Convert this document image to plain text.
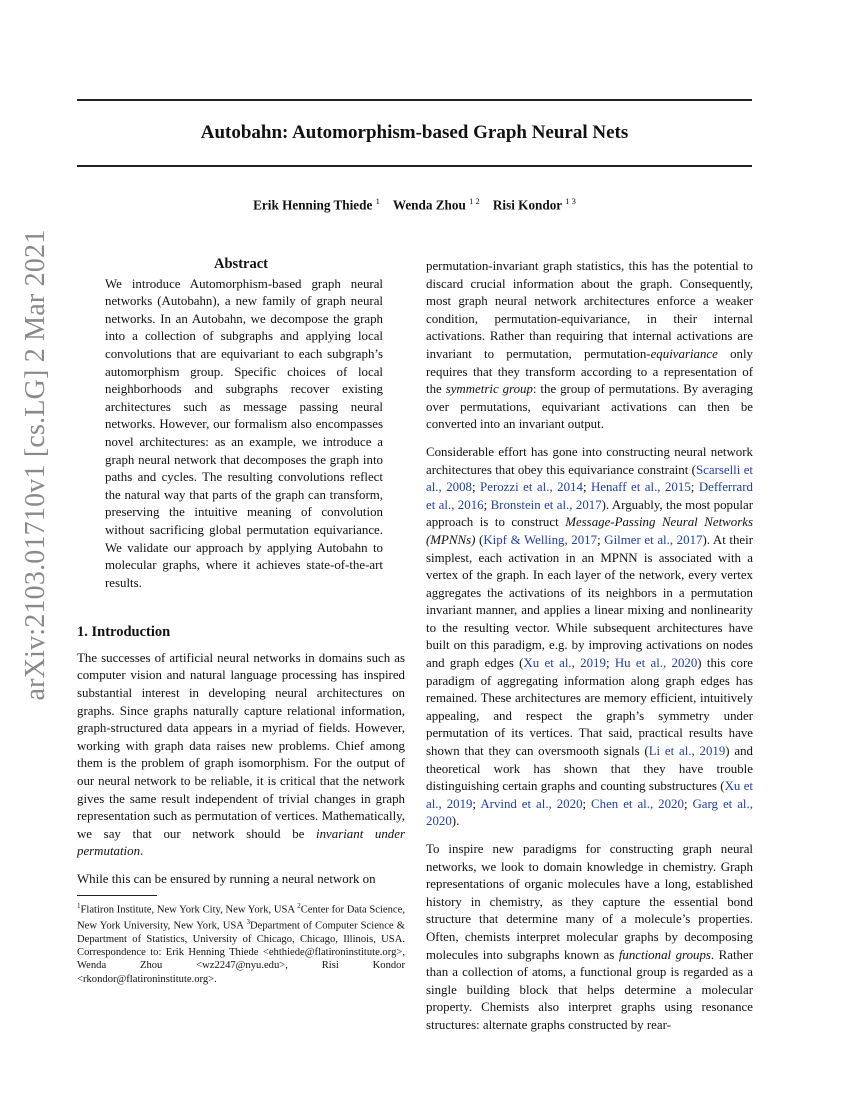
Autobahn: Automorphism-based Graph Neural Nets
Erik Henning Thiede $^1$ Wenda Zhou $^{1 2}$ Risi Kondor $^{1 3}$
arXiv:2103.01710v1 [cs.LG] 2 Mar 2021	Abstract
We introduce Automorphism-based graph neural networks (Autobahn), a new family of graph neural networks. In an Autobahn, we decompose the graph into a collection of subgraphs and applying local convolutions that are equivariant to each subgraph’s automorphism group. Specific choices of local neighborhoods and subgraphs recover existing architectures such as message passing neural networks. However, our formalism also encompasses novel architectures: as an example, we introduce a graph neural network that decomposes the graph into paths and cycles. The resulting convolutions reflect the natural way that parts of the graph can transform, preserving the intuitive meaning of convolution without sacrificing global permutation equivariance. We validate our approach by applying Autobahn to molecular graphs, where it achieves state-of-the-art results.
1. Introduction

The successes of artificial neural networks in domains such as computer vision and natural language processing has inspired substantial interest in developing neural architectures on graphs. Since graphs naturally capture relational information, graph-structured data appears in a myriad of fields. However, working with graph data raises new problems. Chief among them is the problem of graph isomorphism. For the output of our neural network to be reliable, it is critical that the network gives the same result independent of trivial changes in graph representation such as permutation of vertices. Mathematically, we say that our network should be invariant under permutation.

While this can be ensured by running a neural network on

$^1$Flatiron Institute, New York City, New York, USA $^2$Center for Data Science, New York University, New York, USA $^3$Department of Computer Science & Department of Statistics, University of Chicago, Chicago, Illinois, USA. Correspondence to: Erik Henning Thiede <ehthiede@flatironinstitute.org>, Wenda Zhou <wz2247@nyu.edu>, Risi Kondor <rkondor@flatironinstitute.org>.

permutation-invariant graph statistics, this has the potential to discard crucial information about the graph. Consequently, most graph neural network architectures enforce a weaker condition, permutation-equivariance, in their internal activations. Rather than requiring that internal activations are invariant to permutation, permutation-equivariance only requires that they transform according to a representation of the symmetric group: the group of permutations. By averaging over permutations, equivariant activations can then be converted into an invariant output.

Considerable effort has gone into constructing neural network architectures that obey this equivariance constraint (Scarselli et al., 2008; Perozzi et al., 2014; Henaff et al., 2015; Defferrard et al., 2016; Bronstein et al., 2017). Arguably, the most popular approach is to construct Message-Passing Neural Networks (MPNNs) (Kipf & Welling, 2017; Gilmer et al., 2017). At their simplest, each activation in an MPNN is associated with a vertex of the graph. In each layer of the network, every vertex aggregates the activations of its neighbors in a permutation invariant manner, and applies a linear mixing and nonlinearity to the resulting vector. While subsequent architectures have built on this paradigm, e.g. by improving activations on nodes and graph edges (Xu et al., 2019; Hu et al., 2020) this core paradigm of aggregating information along graph edges has remained. These architectures are memory efficient, intuitively appealing, and respect the graph’s symmetry under permutation of its vertices. That said, practical results have shown that they can oversmooth signals (Li et al., 2019) and theoretical work has shown that they have trouble distinguishing certain graphs and counting substructures (Xu et al., 2019; Arvind et al., 2020; Chen et al., 2020; Garg et al., 2020).

To inspire new paradigms for constructing graph neural networks, we look to domain knowledge in chemistry. Graph representations of organic molecules have a long, established history in chemistry, as they capture the essential bond structure that determine many of a molecule’s properties. Often, chemists interpret molecular graphs by decomposing molecules into subgraphs known as functional groups. Rather than a collection of atoms, a functional group is regarded as a single building block that helps determine a molecular property. Chemists also interpret graphs using resonance structures: alternate graphs constructed by rear-
